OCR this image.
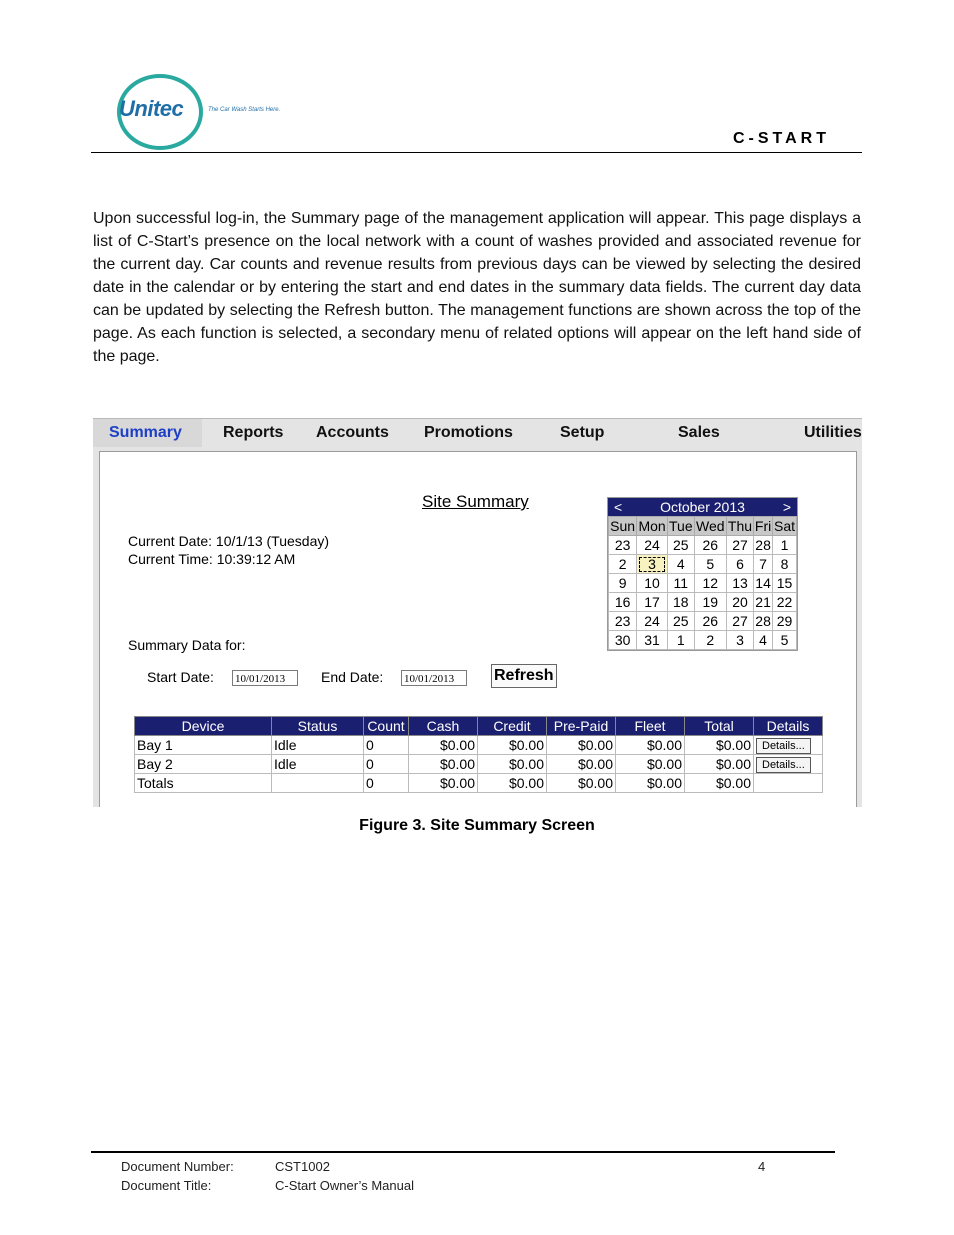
Unitec	The Car Wash Starts Here.
C-START

Upon successful log-in, the Summary page of the management application will appear. This page displays a list of C-Start’s presence on the local network with a count of washes provided and associated revenue for the current day. Car counts and revenue results from previous days can be viewed by selecting the desired date in the calendar or by entering the start and end dates in the summary data fields. The current day data can be updated by selecting the Refresh button. The management functions are shown across the top of the page. As each function is selected, a secondary menu of related options will appear on the left hand side of the page.

Summary	Reports	Accounts	Promotions	Setup	Sales	Utilities
Site Summary
Current Date: 10/1/13 (Tuesday)
Current Time: 10:39:12 AM
Summary Data for:
<	October 2013	>
Sun	Mon	Tue	Wed	Thu	Fri	Sat
23	24	25	26	27	28	1
2	3	4	5	6	7	8
9	10	11	12	13	14	15
16	17	18	19	20	21	22
23	24	25	26	27	28	29
30	31	1	2	3	4	5
Start Date: 10/01/2013	End Date: 10/01/2013	Refresh
Device	Status	Count	Cash	Credit	Pre-Paid	Fleet	Total	Details
Bay 1	Idle	0	$0.00	$0.00	$0.00	$0.00	$0.00	Details...
Bay 2	Idle	0	$0.00	$0.00	$0.00	$0.00	$0.00	Details...
Totals		0	$0.00	$0.00	$0.00	$0.00	$0.00	
Figure 3. Site Summary Screen
Document Number:	CST1002	4
Document Title:	C-Start Owner’s Manual
